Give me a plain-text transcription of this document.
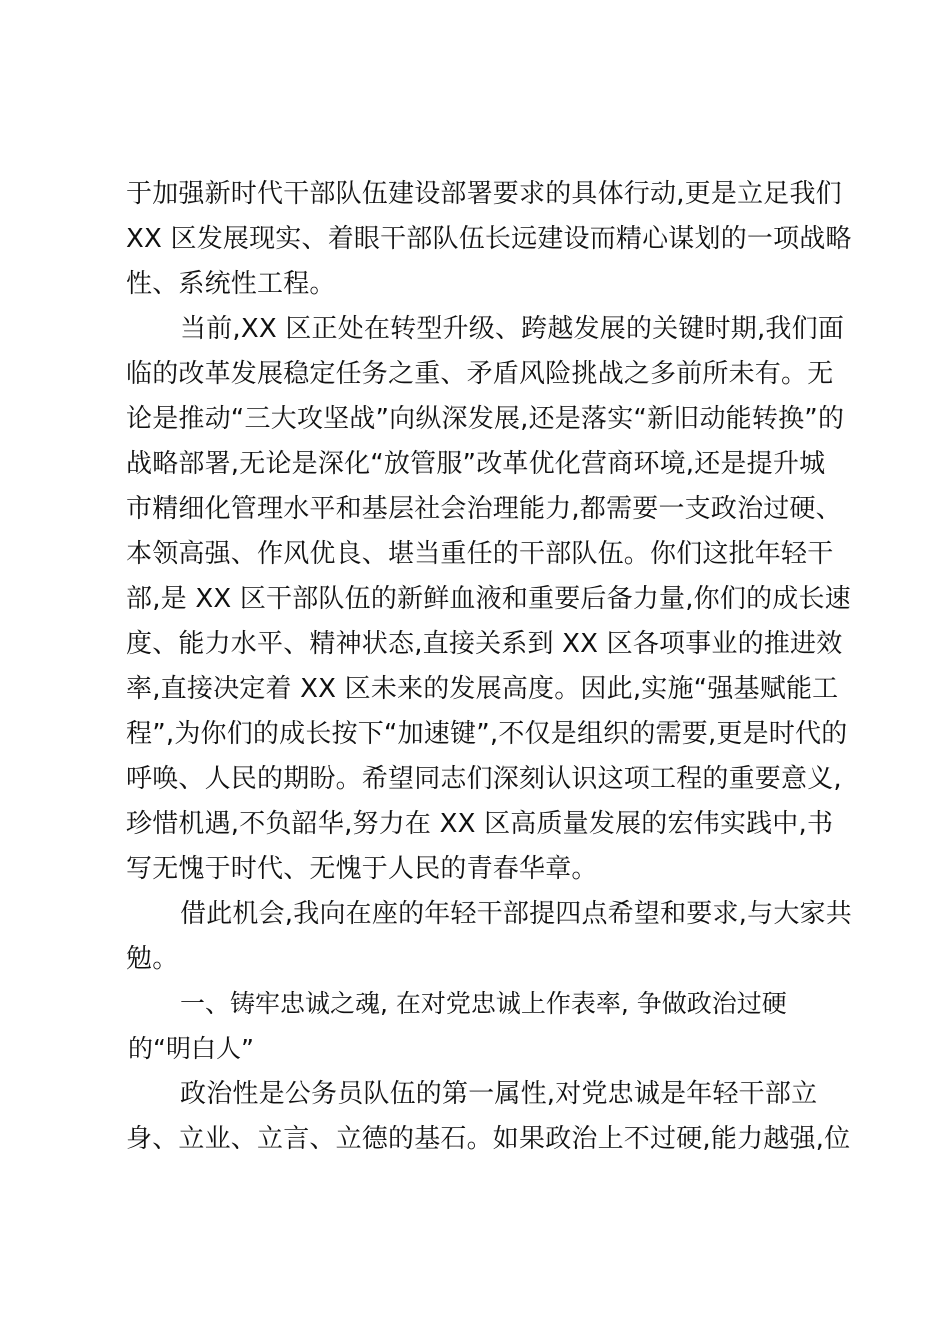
于加强新时代干部队伍建设部署要求的具体行动,更是立足我们
XX 区发展现实、着眼干部队伍长远建设而精心谋划的一项战略
性、系统性工程。
当前,XX 区正处在转型升级、跨越发展的关键时期,我们面
临的改革发展稳定任务之重、矛盾风险挑战之多前所未有。无
论是推动“三大攻坚战”向纵深发展,还是落实“新旧动能转换”的
战略部署,无论是深化“放管服”改革优化营商环境,还是提升城
市精细化管理水平和基层社会治理能力,都需要一支政治过硬、
本领高强、作风优良、堪当重任的干部队伍。你们这批年轻干
部,是 XX 区干部队伍的新鲜血液和重要后备力量,你们的成长速
度、能力水平、精神状态,直接关系到 XX 区各项事业的推进效
率,直接决定着 XX 区未来的发展高度。因此,实施“强基赋能工
程”,为你们的成长按下“加速键”,不仅是组织的需要,更是时代的
呼唤、人民的期盼。希望同志们深刻认识这项工程的重要意义,
珍惜机遇,不负韶华,努力在 XX 区高质量发展的宏伟实践中,书
写无愧于时代、无愧于人民的青春华章。
借此机会,我向在座的年轻干部提四点希望和要求,与大家共
勉。
一、铸牢忠诚之魂, 在对党忠诚上作表率, 争做政治过硬
的“明白人”
政治性是公务员队伍的第一属性,对党忠诚是年轻干部立
身、立业、立言、立德的基石。如果政治上不过硬,能力越强,位
